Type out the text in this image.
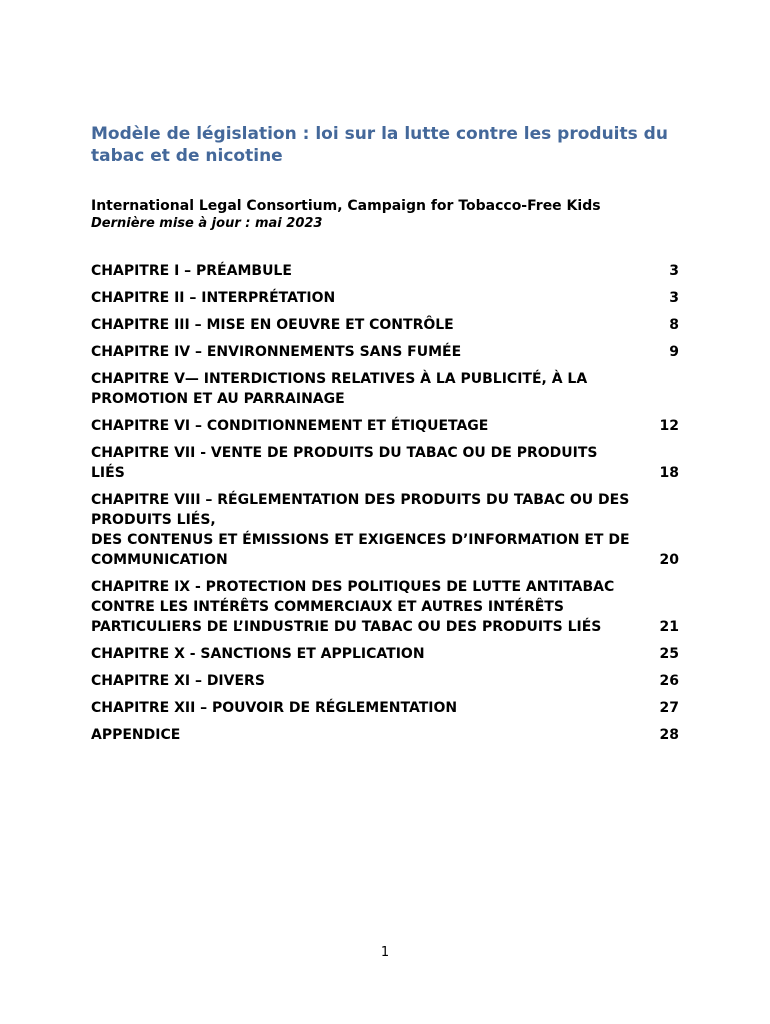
Modèle de législation : loi sur la lutte contre les produits du tabac et de nicotine
International Legal Consortium, Campaign for Tobacco-Free Kids
Dernière mise à jour : mai 2023
CHAPITRE I – PRÉAMBULE	3
CHAPITRE II – INTERPRÉTATION	3
CHAPITRE III – MISE EN OEUVRE ET CONTRÔLE	8
CHAPITRE IV – ENVIRONNEMENTS SANS FUMÉE	9
CHAPITRE V— INTERDICTIONS RELATIVES À LA PUBLICITÉ, À LA
PROMOTION ET AU PARRAINAGE
CHAPITRE VI – CONDITIONNEMENT ET ÉTIQUETAGE	12
CHAPITRE VII - VENTE DE PRODUITS DU TABAC OU DE PRODUITS
LIÉS	18
CHAPITRE VIII – RÉGLEMENTATION DES PRODUITS DU TABAC OU DES
PRODUITS LIÉS,
DES CONTENUS ET ÉMISSIONS ET EXIGENCES D’INFORMATION ET DE
COMMUNICATION	20
CHAPITRE IX - PROTECTION DES POLITIQUES DE LUTTE ANTITABAC
CONTRE LES INTÉRÊTS COMMERCIAUX ET AUTRES INTÉRÊTS
PARTICULIERS DE L’INDUSTRIE DU TABAC OU DES PRODUITS LIÉS	21
CHAPITRE X - SANCTIONS ET APPLICATION	25
CHAPITRE XI – DIVERS	26
CHAPITRE XII – POUVOIR DE RÉGLEMENTATION	27
APPENDICE	28
1
